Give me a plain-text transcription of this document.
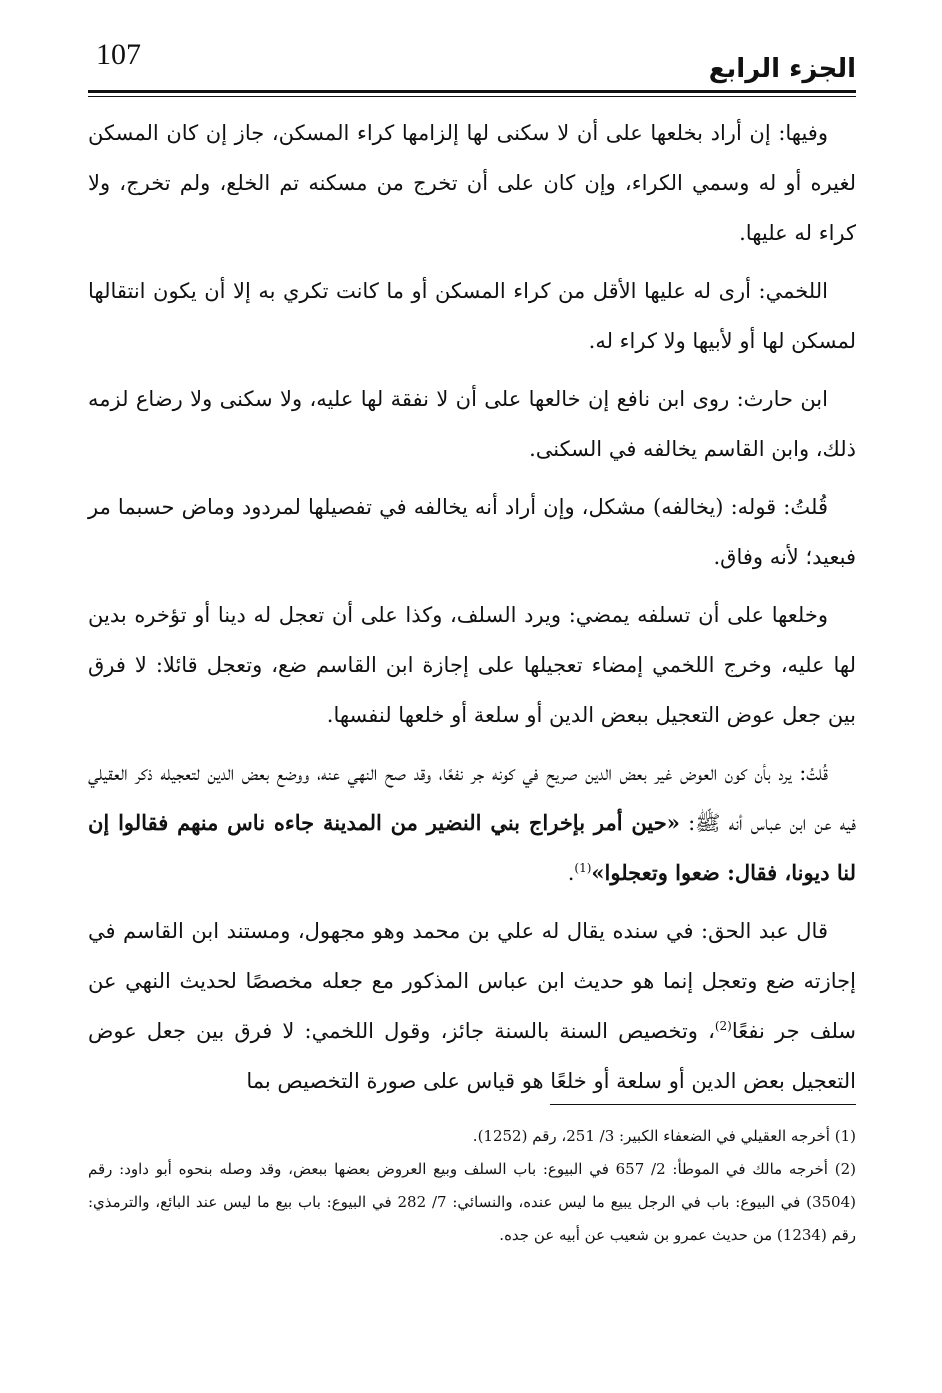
107	الجزء الرابع

وفيها: إن أراد بخلعها على أن لا سكنى لها إلزامها كراء المسكن، جاز إن كان المسكن لغيره أو له وسمي الكراء، وإن كان على أن تخرج من مسكنه تم الخلع، ولم تخرج، ولا كراء له عليها.

اللخمي: أرى له عليها الأقل من كراء المسكن أو ما كانت تكري به إلا أن يكون انتقالها لمسكن لها أو لأبيها ولا كراء له.

ابن حارث: روى ابن نافع إن خالعها على أن لا نفقة لها عليه، ولا سكنى ولا رضاع لزمه ذلك، وابن القاسم يخالفه في السكنى.

قُلتُ: قوله: (يخالفه) مشكل، وإن أراد أنه يخالفه في تفصيلها لمردود وماض حسبما مر فبعيد؛ لأنه وفاق.

وخلعها على أن تسلفه يمضي: ويرد السلف، وكذا على أن تعجل له دينا أو تؤخره بدين لها عليه، وخرج اللخمي إمضاء تعجيلها على إجازة ابن القاسم ضع، وتعجل قائلا: لا فرق بين جعل عوض التعجيل ببعض الدين أو سلعة أو خلعها لنفسها.

قُلتُ: يرد بأن كون العوض غير بعض الدين صريح في كونه جر نفعًا، وقد صح النهي عنه، ووضع بعض الدين لتعجيله ذكر العقيلي فيه عن ابن عباس أنه ﷺ: «حين أمر بإخراج بني النضير من المدينة جاءه ناس منهم فقالوا إن لنا ديونا، فقال: ضعوا وتعجلوا»$^{(1)}$.

قال عبد الحق: في سنده يقال له علي بن محمد وهو مجهول، ومستند ابن القاسم في إجازته ضع وتعجل إنما هو حديث ابن عباس المذكور مع جعله مخصصًا لحديث النهي عن سلف جر نفعًا$^{(2)}$، وتخصيص السنة بالسنة جائز، وقول اللخمي: لا فرق بين جعل عوض التعجيل بعض الدين أو سلعة أو خلعًا هو قياس على صورة التخصيص بما

(1) أخرجه العقيلي في الضعفاء الكبير: 3/ 251، رقم (1252).

(2) أخرجه مالك في الموطأ: 2/ 657 في البيوع: باب السلف وبيع العروض بعضها ببعض، وقد وصله بنحوه أبو داود: رقم (3504) في البيوع: باب في الرجل يبيع ما ليس عنده، والنسائي: 7/ 282 في البيوع: باب بيع ما ليس عند البائع، والترمذي: رقم (1234) من حديث عمرو بن شعيب عن أبيه عن جده.
